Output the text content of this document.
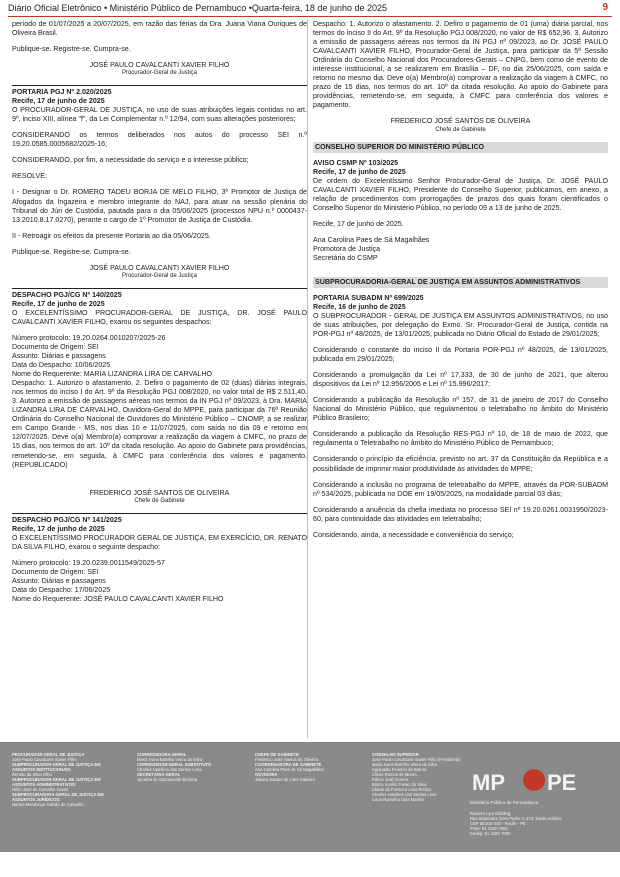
Diário Oficial Eletrônico • Ministério Público de Pernambuco •Quarta-feira, 18 de junho de 2025	9

período de 01/07/2025 a 20/07/2025, em razão das férias da Dra. Juana Viana Ouriques de Oliveira Brasil.

Publique-se. Registre-se. Cumpra-se.

JOSÉ PAULO CAVALCANTI XAVIER FILHO
Procurador-Geral de Justiça
PORTARIA PGJ Nº 2.020/2025
Recife, 17 de junho de 2025

O PROCURADOR-GERAL DE JUSTIÇA, no uso de suas atribuições legais contidas no art. 9º, inciso XIII, alínea "f", da Lei Complementar n.º 12/94, com suas alterações posteriores;

CONSIDERANDO os termos deliberados nos autos do processo SEI n.º 19.20.0585.0005682/2025-16;

CONSIDERANDO, por fim, a necessidade do serviço e o interesse público;

RESOLVE:

I - Designar o Dr. ROMERO TADEU BORJA DE MELO FILHO, 3º Promotor de Justiça de Afogados da Ingazeira e membro integrante do NAJ, para atuar na sessão plenária do Tribunal do Júri de Custódia, pautada para o dia 05/06/2025 (processos NPU n.º 0000437-13.2010.8.17.0270), perante o cargo de 1º Promotor de Justiça de Custódia.

II - Retroagir os efeitos da presente Portaria ao dia 05/06/2025.

Publique-se. Registre-se. Cumpra-se.

JOSÉ PAULO CAVALCANTI XAVIER FILHO
Procurador-Geral de Justiça
DESPACHO PGJ/CG Nº 140/2025
Recife, 17 de junho de 2025

O EXCELENTÍSSIMO PROCURADOR-GERAL DE JUSTIÇA, DR. JOSÉ PAULO CAVALCANTI XAVIER FILHO, exarou os seguintes despachos:

Número protocolo: 19.20.0264.0010207/2025-26
Documento de Origem: SEI
Assunto: Diárias e passagens
Data do Despacho: 10/06/2025
Nome do Requerente: MARIA LIZANDRA LIRA DE CARVALHO

Despacho: 1. Autorizo o afastamento. 2. Defiro o pagamento de 02 (duas) diárias integrais, nos termos do inciso I do Art. 9º da Resolução PGJ 008/2020, no valor total de R$ 2.511,40. 3. Autorizo a emissão de passagens aéreas nos termos da IN PGJ nº 09/2023, à Dra. MARIA LIZANDRA LIRA DE CARVALHO, Ouvidora-Geral do MPPE, para participar da 76ª Reunião Ordinária do Conselho Nacional de Ouvidores do Ministério Público – CNOMP, a se realizar em Campo Grande - MS, nos dias 10 e 11/07/2025, com saída no dia 09 e retorno em 12/07/2025. Deve o(a) Membro(a) comprovar a realização da viagem à CMFC, no prazo de 15 dias, nos termos do art. 10º da citada resolução. Ao apoio do Gabinete para providências, remetendo-se, em seguida, à CMFC para conferência dos valores e pagamento. (REPUBLICADO)

FREDERICO JOSÉ SANTOS DE OLIVEIRA
Chefe de Gabinete
DESPACHO PGJ/CG Nº 141/2025
Recife, 17 de junho de 2025

O EXCELENTÍSSIMO PROCURADOR GERAL DE JUSTIÇA, EM EXERCÍCIO, DR. RENATO DA SILVA FILHO, exarou o seguinte despacho:

Número protocolo: 19.20.0239.0011549/2025-57
Documento de Origem: SEI
Assunto: Diárias e passagens
Data do Despacho: 17/06/2025
Nome do Requerente: JOSÉ PAULO CAVALCANTI XAVIER FILHO

Despacho: 1. Autorizo o afastamento. 2. Defiro o pagamento de 01 (uma) diária parcial, nos termos do inciso II do Art. 9º da Resolução PGJ 008/2020, no valor de R$ 652,96. 3. Autorizo a emissão de passagens aéreas nos termos da IN PGJ nº 09/2023, ao Dr. JOSÉ PAULO CAVALCANTI XAVIER FILHO, Procurador-Geral de Justiça, para participar da 5ª Sessão Ordinária do Conselho Nacional dos Procuradores-Gerais – CNPG, bem como de evento de interesse institucional, a se realizarem em Brasília – DF, no dia 25/06/2025, com saída e retorno no mesmo dia. Deve o(a) Membro(a) comprovar a realização da viagem à CMFC, no prazo de 15 dias, nos termos do art. 10º da citada resolução. Ao apoio do Gabinete para providências, remetendo-se, em seguida, à CMFC para conferência dos valores e pagamento.

FREDERICO JOSÉ SANTOS DE OLIVEIRA
Chefe de Gabinete
CONSELHO SUPERIOR DO MINISTÉRIO PÚBLICO
AVISO CSMP Nº 103/2025
Recife, 17 de junho de 2025

De ordem do Excelentíssimo Senhor Procurador-Geral de Justiça, Dr. JOSÉ PAULO CAVALCANTI XAVIER FILHO, Presidente do Conselho Superior, publicamos, em anexo, a relação de procedimentos com prorrogações de prazos dos quais foram cientificados o Conselho Superior do Ministério Público, no período 09 a 13 de junho de 2025.

Recife, 17 de junho de 2025.

Ana Carolina Paes de Sá Magalhães
Promotora de Justiça
Secretária do CSMP
SUBPROCURADORIA-GERAL DE JUSTIÇA EM ASSUNTOS ADMINISTRATIVOS
PORTARIA SUBADM Nº 699/2025
Recife, 16 de junho de 2025

O SUBPROCURADOR - GERAL DE JUSTIÇA EM ASSUNTOS ADMINISTRATIVOS, no uso de suas atribuições, por delegação do Exmo. Sr. Procurador-Geral de Justiça, contida na POR-PGJ nº 48/2025, de 13/01/2025, publicada no Diário Oficial do Estado de 29/01/2025;

Considerando o constante do inciso II da Portaria POR-PGJ nº 48/2025, de 13/01/2025, publicada em 29/01/2025;

Considerando a promulgação da Lei nº 17.333, de 30 de junho de 2021, que alterou dispositivos da Lei nº 12.956/2005 e Lei nº 15.996/2017;

Considerando a publicação da Resolução nº 157, de 31 de janeiro de 2017 do Conselho Nacional do Ministério Público, que regulamentou o teletrabalho no âmbito do Ministério Público Brasileiro;

Considerando a publicação da Resolução RES-PGJ nº 10, de 18 de maio de 2022, que regulamenta o Teletrabalho no âmbito do Ministério Público de Pernambuco;

Considerando o princípio da eficiência, previsto no art. 37 da Constituição da República e a possibilidade de imprimir maior produtividade às atividades do MPPE;

Considerando a inclusão no programa de teletrabalho do MPPE, através da POR-SUBADM nº 534/2025, publicada no DOE em 19/05/2025, na modalidade parcial 03 dias;

Considerando a anuência da chefia imediata no processo SEI nº 19.20.0261.0031950/2023-60, para continuidade das atividades em teletrabalho;

Considerando, ainda, a necessidade e conveniência do serviço;

PROCURADOR-GERAL DE JUSTIÇA
José Paulo Cavalcanti Xavier Filho
SUBPROCURADOR-GERAL DE JUSTIÇA EM ASSUNTOS INSTITUCIONAIS:
Renato da Silva Filho
SUBPROCURADOR-GERAL DE JUSTIÇA EM ASSUNTOS ADMINISTRATIVOS:
Hélio José de Carvalho Xavier
SUBPROCURADORA-GERAL DE JUSTIÇA EM ASSUNTOS JURÍDICOS:
Norma Mendonça Galvão de Carvalho
CORREGEDORA-GERAL
Maria Ivana Botelho Vieira da Silva
CORREGEDOR-GERAL SUBSTITUTO
Charles Hamilton dos Santos Lima
SECRETÁRIA-GERAL
Janaína do Sacramento Bezerra
CHEFE DE GABINETE
Frederico José Santos de Oliveira
COORDENADORA DE GABINETE
Ana Carolina Paes de Sá Magalhães
OUVIDORA
Juliana Santos de Lima Nabarro
CONSELHO SUPERIOR
José Paulo Cavalcanti Xavier Filho (Presidente)
Maria Ivana Botelho Vieira da Silva
Aguinaldo Fenelon de Barros
Clóvis Ramos de Moura
Edson José Guerra
Marco Aurélio Farias da Silva
Liliane da Fonseca Lima Rocha
Charles Hamilton dos Santos Lima
Lúcia Ramalho Dias Martins
MP PE
Ministério Público de Pernambuco
Roberto Lyra Building:
Rua Imperador Dom Pedro II, 473, Santo Antônio
CEP 50.010-240 - Recife - PE
Fone: 81 3182-7000
Cedep: 81 3182-7000
